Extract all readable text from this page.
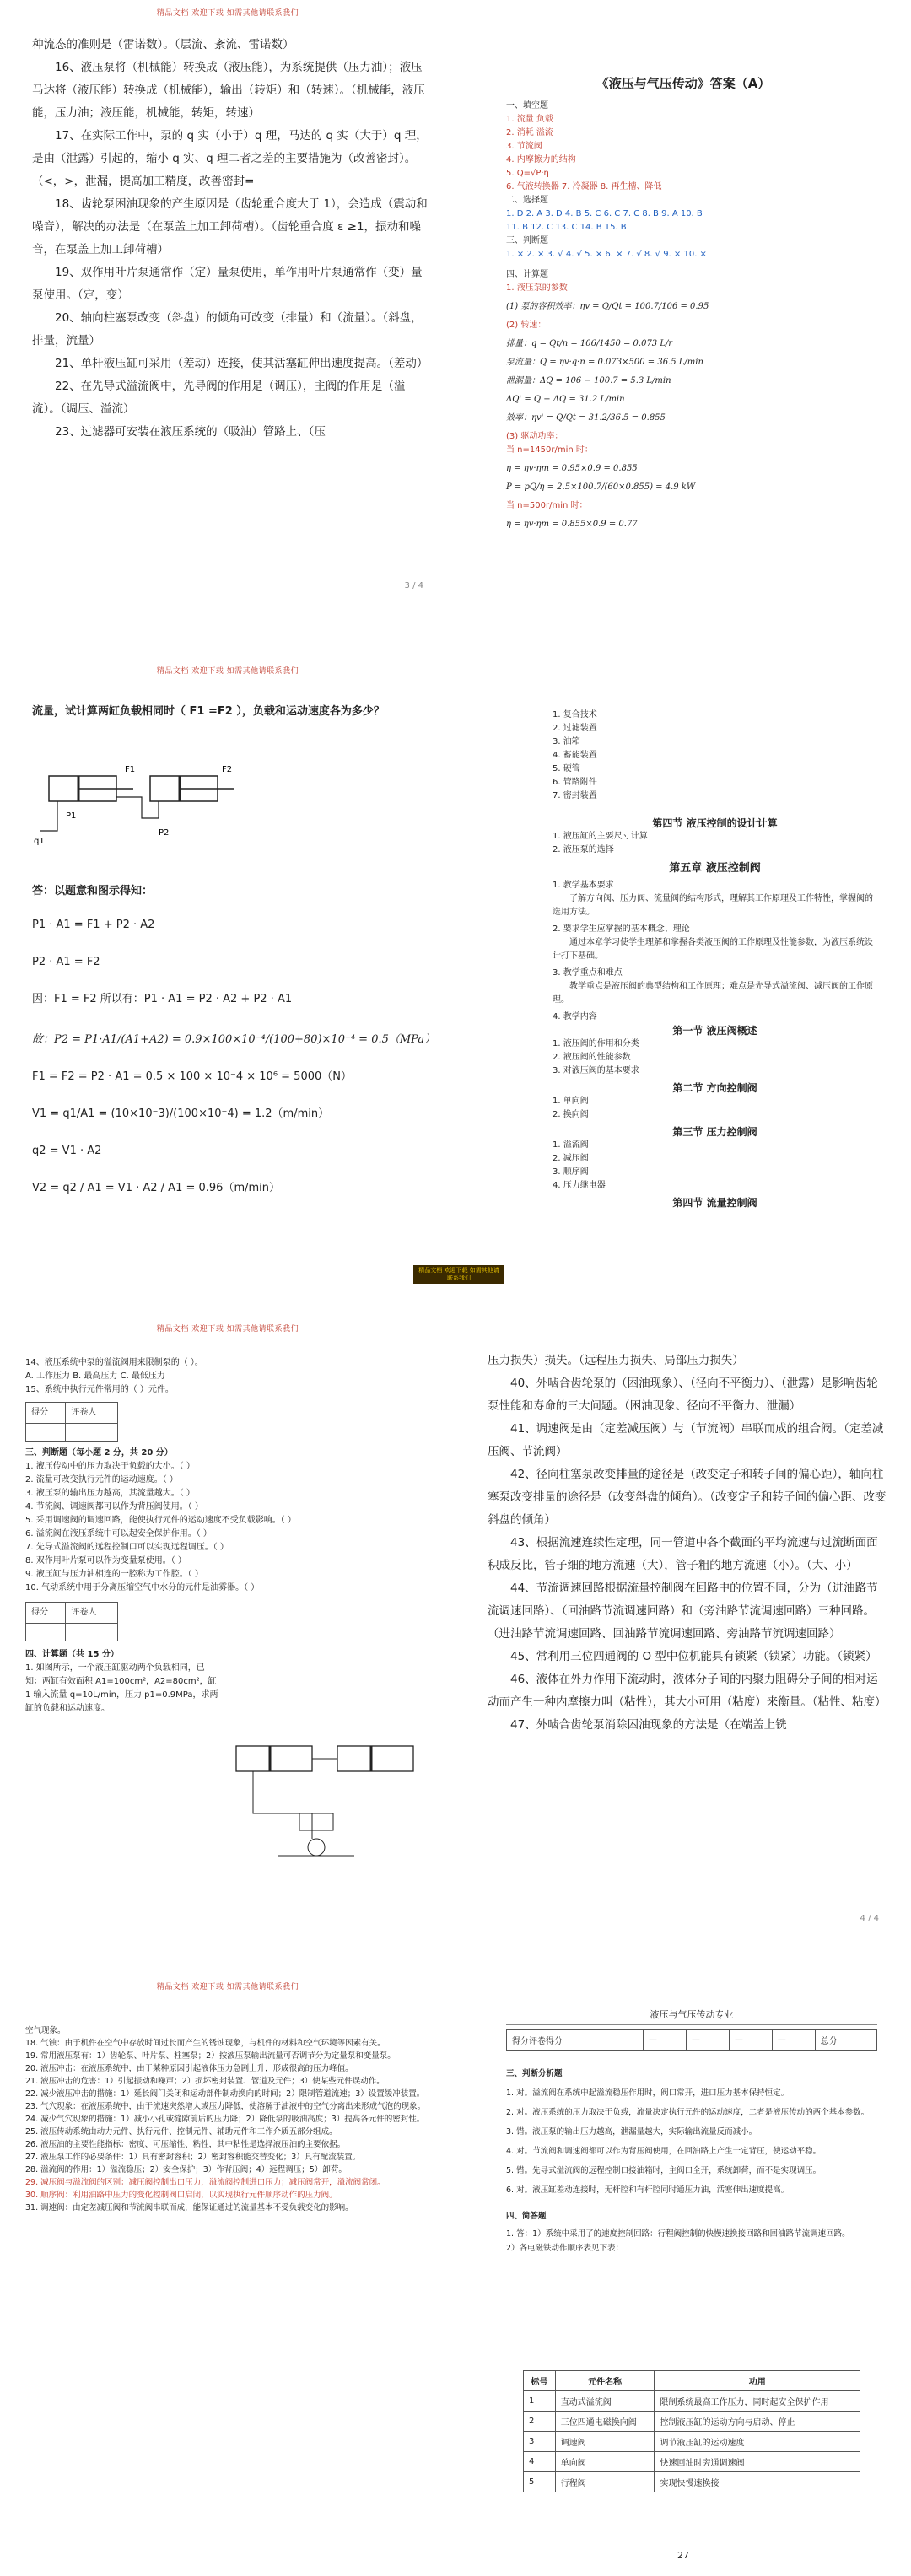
精品文档 欢迎下载 如需其他请联系我们

种流态的准则是（雷诺数）。（层流、紊流、雷诺数）

16、液压泵将（机械能）转换成（液压能），为系统提供（压力油）；液压马达将（液压能）转换成（机械能），输出（转矩）和（转速）。（机械能，液压能，压力油；液压能，机械能，转矩，转速）

17、在实际工作中，泵的 q 实（小于）q 理，马达的 q 实（大于）q 理，是由（泄露）引起的，缩小 q 实、q 理二者之差的主要措施为（改善密封）。（<，>，泄漏，提高加工精度，改善密封=

18、齿轮泵困油现象的产生原因是（齿轮重合度大于 1），会造成（震动和噪音），解决的办法是（在泵盖上加工卸荷槽）。（齿轮重合度 ε ≥1，振动和噪音，在泵盖上加工卸荷槽）

19、双作用叶片泵通常作（定）量泵使用，单作用叶片泵通常作（变）量泵使用。（定，变）

20、轴向柱塞泵改变（斜盘）的倾角可改变（排量）和（流量）。（斜盘，排量，流量）

21、单杆液压缸可采用（差动）连接，使其活塞缸伸出速度提高。（差动）

22、在先导式溢流阀中，先导阀的作用是（调压），主阀的作用是（溢流）。（调压、溢流）

23、过滤器可安装在液压系统的（吸油）管路上、（压

3 / 4
《液压与气压传动》答案（A）

一、填空题

1. 流量 负载

2. 消耗 溢流

3. 节流阀

4. 内摩擦力的结构

5. Q=√P·η

6. 气液转换器 7. 冷凝器 8. 再生槽、降低

二、选择题

1. D 2. A 3. D 4. B 5. C 6. C 7. C 8. B 9. A 10. B

11. B 12. C 13. C 14. B 15. B

三、判断题

1. × 2. × 3. √ 4. √ 5. × 6. × 7. √ 8. √ 9. × 10. ×

四、计算题

1. 液压泵的参数

(1) 泵的容积效率：ηv = Q/Qt = 100.7/106 = 0.95

(2) 转速：

排量：q = Qt/n = 106/1450 = 0.073 L/r

泵流量：Q = ηv·q·n = 0.073×500 = 36.5 L/min

泄漏量：ΔQ = 106 − 100.7 = 5.3 L/min

ΔQ' = Q − ΔQ = 31.2 L/min

效率：ηv' = Q/Qt = 31.2/36.5 = 0.855

(3) 驱动功率：

当 n=1450r/min 时：

η = ηv·ηm = 0.95×0.9 = 0.855

P = pQ/η = 2.5×100.7/(60×0.855) = 4.9 kW

当 n=500r/min 时：

η = ηv·ηm = 0.855×0.9 = 0.77

精品文档 欢迎下载 如需其他请联系我们
流量，试计算两缸负载相同时（ F1 =F2 ），负载和运动速度各为多少？
q1
P1
P2
F1	F2
答：以题意和图示得知：
P1 · A1 = F1 + P2 · A2
P2 · A1 = F2
因：F1 = F2 所以有：P1 · A1 = P2 · A2 + P2 · A1
故：P2 = P1·A1/(A1+A2) = 0.9×100×10⁻⁴/(100+80)×10⁻⁴ = 0.5（MPa）
F1 = F2 = P2 · A1 = 0.5 × 100 × 10⁻4 × 10⁶ = 5000（N）
V1 = q1/A1 = (10×10⁻3)/(100×10⁻4) = 1.2（m/min）
q2 = V1 · A2
V2 = q2 / A1 = V1 · A2 / A1 = 0.96（m/min）

1. 复合技术

2. 过滤装置

3. 油箱

4. 蓄能装置

5. 硬管

6. 管路附件

7. 密封装置

第四节 液压控制的设计计算

1. 液压缸的主要尺寸计算

2. 液压泵的选择

第五章 液压控制阀

1. 教学基本要求

了解方向阀、压力阀、流量阀的结构形式，理解其工作原理及工作特性，掌握阀的选用方法。

2. 要求学生应掌握的基本概念、理论

通过本章学习使学生理解和掌握各类液压阀的工作原理及性能参数，为液压系统设计打下基础。

3. 教学重点和难点

教学重点是液压阀的典型结构和工作原理；难点是先导式溢流阀、减压阀的工作原理。

4. 教学内容

第一节 液压阀概述

1. 液压阀的作用和分类

2. 液压阀的性能参数

3. 对液压阀的基本要求

第二节 方向控制阀

1. 单向阀

2. 换向阀

第三节 压力控制阀

1. 溢流阀

2. 减压阀

3. 顺序阀

4. 压力继电器

第四节 流量控制阀

精品文档 欢迎下载 如需其他请联系我们
精品文档 欢迎下载 如需其他请联系我们

14、液压系统中泵的溢流阀用来限制泵的（ ）。

A. 工作压力 B. 最高压力 C. 最低压力

15、系统中执行元件常用的（ ）元件。

得分	评卷人

三、判断题（每小题 2 分，共 20 分）

1. 液压传动中的压力取决于负载的大小。（ ）

2. 流量可改变执行元件的运动速度。（ ）

3. 液压泵的输出压力越高，其流量越大。（ ）

4. 节流阀、调速阀都可以作为背压阀使用。（ ）

5. 采用调速阀的调速回路，能使执行元件的运动速度不受负载影响。（ ）

6. 溢流阀在液压系统中可以起安全保护作用。（ ）

7. 先导式溢流阀的远程控制口可以实现远程调压。（ ）

8. 双作用叶片泵可以作为变量泵使用。（ ）

9. 液压缸与压力油相连的一腔称为工作腔。（ ）

10. 气动系统中用于分离压缩空气中水分的元件是油雾器。（ ）

得分	评卷人

四、计算题（共 15 分）

1. 如图所示，一个液压缸驱动两个负载相同，已知：两缸有效面积 A1=100cm²，A2=80cm²，缸 1 输入流量 q=10L/min，压力 p1=0.9MPa，求两缸的负载和运动速度。

压力损失）损失。（远程压力损失、局部压力损失）

40、外啮合齿轮泵的（困油现象）、（径向不平衡力）、（泄露）是影响齿轮泵性能和寿命的三大问题。（困油现象、径向不平衡力、泄漏）

41、调速阀是由（定差减压阀）与（节流阀）串联而成的组合阀。（定差减压阀、节流阀）

42、径向柱塞泵改变排量的途径是（改变定子和转子间的偏心距），轴向柱塞泵改变排量的途径是（改变斜盘的倾角）。（改变定子和转子间的偏心距、改变斜盘的倾角）

43、根据流速连续性定理，同一管道中各个截面的平均流速与过流断面面积成反比，管子细的地方流速（大），管子粗的地方流速（小）。（大、小）

44、节流调速回路根据流量控制阀在回路中的位置不同，分为（进油路节流调速回路）、（回油路节流调速回路）和（旁油路节流调速回路）三种回路。（进油路节流调速回路、回油路节流调速回路、旁油路节流调速回路）

45、常利用三位四通阀的 O 型中位机能具有锁紧（锁紧）功能。（锁紧）

46、液体在外力作用下流动时，液体分子间的内聚力阻碍分子间的相对运动而产生一种内摩擦力叫（粘性），其大小可用（粘度）来衡量。（粘性、粘度）

47、外啮合齿轮泵消除困油现象的方法是（在端盖上铣

4 / 4
精品文档 欢迎下载 如需其他请联系我们

空气现象。

18. 气蚀：由于机件在空气中存放时间过长而产生的锈蚀现象，与机件的材料和空气环境等因素有关。

19. 常用液压泵有：1）齿轮泵、叶片泵、柱塞泵；2）按液压泵输出流量可否调节分为定量泵和变量泵。

20. 液压冲击：在液压系统中，由于某种原因引起液体压力急剧上升，形成很高的压力峰值。

21. 液压冲击的危害：1）引起振动和噪声；2）损坏密封装置、管道及元件；3）使某些元件误动作。

22. 减少液压冲击的措施：1）延长阀门关闭和运动部件制动换向的时间；2）限制管道流速；3）设置缓冲装置。

23. 气穴现象：在液压系统中，由于流速突然增大或压力降低，使溶解于油液中的空气分离出来形成气泡的现象。

24. 减少气穴现象的措施：1）减小小孔或缝隙前后的压力降；2）降低泵的吸油高度；3）提高各元件的密封性。

25. 液压传动系统由动力元件、执行元件、控制元件、辅助元件和工作介质五部分组成。

26. 液压油的主要性能指标：密度、可压缩性、粘性，其中粘性是选择液压油的主要依据。

27. 液压泵工作的必要条件：1）具有密封容积；2）密封容积能交替变化；3）具有配流装置。

28. 溢流阀的作用：1）溢流稳压；2）安全保护；3）作背压阀；4）远程调压；5）卸荷。

29. 减压阀与溢流阀的区别：减压阀控制出口压力，溢流阀控制进口压力；减压阀常开，溢流阀常闭。

30. 顺序阀：利用油路中压力的变化控制阀口启闭，以实现执行元件顺序动作的压力阀。

31. 调速阀：由定差减压阀和节流阀串联而成，能保证通过的流量基本不受负载变化的影响。

液压与气压传动专业
得分评卷得分	—	—	—	—	总分

三、判断分析题

1. 对。溢流阀在系统中起溢流稳压作用时，阀口常开，进口压力基本保持恒定。

2. 对。液压系统的压力取决于负载，流量决定执行元件的运动速度，二者是液压传动的两个基本参数。

3. 错。液压泵的输出压力越高，泄漏量越大，实际输出流量反而减小。

4. 对。节流阀和调速阀都可以作为背压阀使用，在回油路上产生一定背压，使运动平稳。

5. 错。先导式溢流阀的远程控制口接油箱时，主阀口全开，系统卸荷，而不是实现调压。

6. 对。液压缸差动连接时，无杆腔和有杆腔同时通压力油，活塞伸出速度提高。

四、简答题

1. 答：1）系统中采用了的速度控制回路：行程阀控制的快慢速换接回路和回油路节流调速回路。

2）各电磁铁动作顺序表见下表：

标号	元件名称	功用
1	直动式溢流阀	限制系统最高工作压力，同时起安全保护作用
2	三位四通电磁换向阀	控制液压缸的运动方向与启动、停止
3	调速阀	调节液压缸的运动速度
4	单向阀	快速回油时旁通调速阀
5	行程阀	实现快慢速换接
27
